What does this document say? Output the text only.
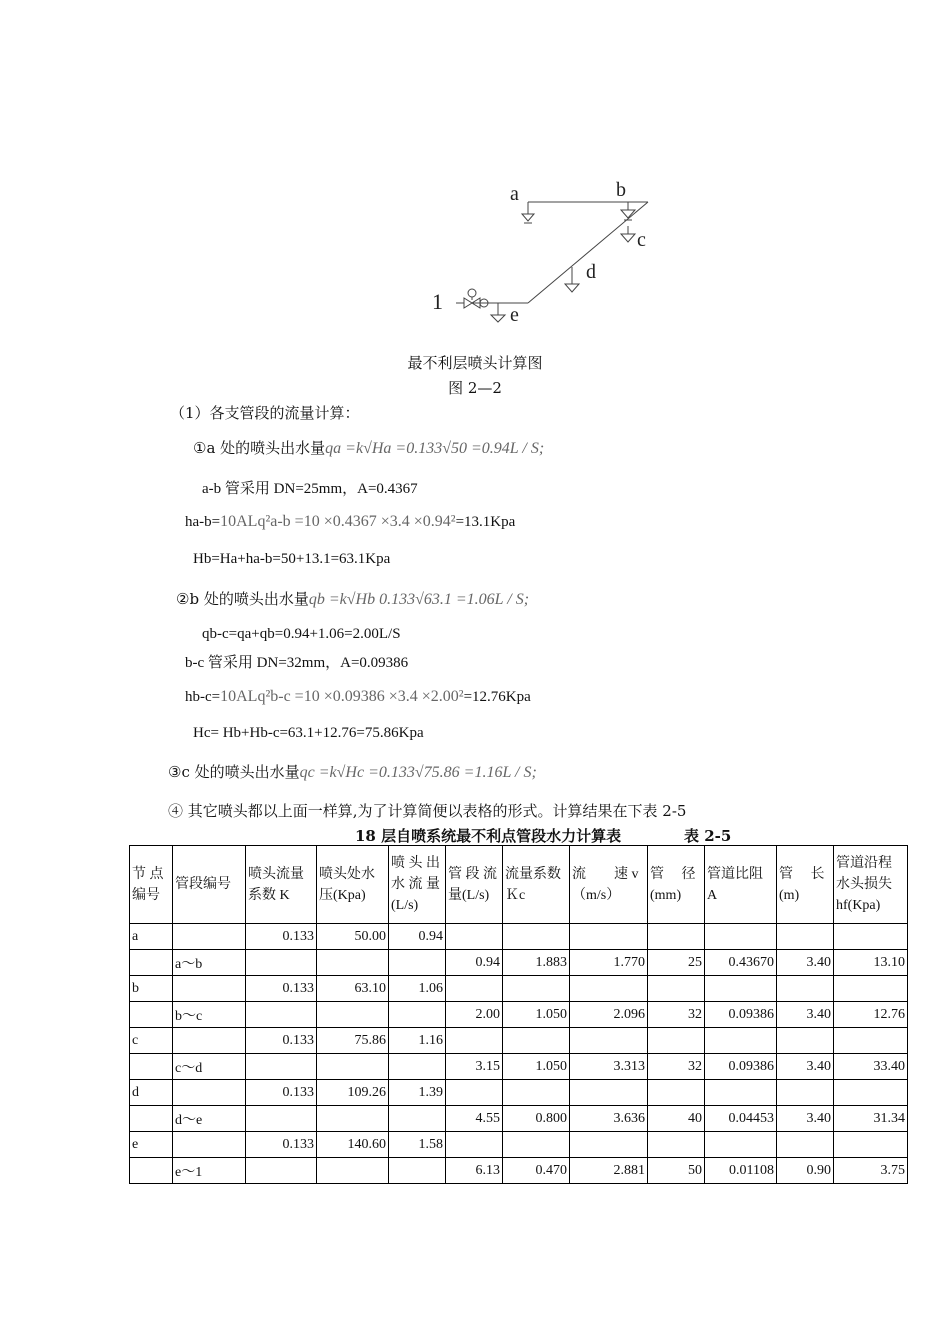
a	b
c
d
e
1
最不利层喷头计算图
图 2—2
（1）各支管段的流量计算：
①a 处的喷头出水量qa =k√Ha =0.133√50 =0.94L / S;
a-b 管采用 DN=25mm，A=0.4367
ha-b=10ALq²a-b =10 ×0.4367 ×3.4 ×0.94²=13.1Kpa
Hb=Ha+ha-b=50+13.1=63.1Kpa
②b 处的喷头出水量qb =k√Hb 0.133√63.1 =1.06L / S;
qb-c=qa+qb=0.94+1.06=2.00L/S
b-c 管采用 DN=32mm，A=0.09386
hb-c=10ALq²b-c =10 ×0.09386 ×3.4 ×2.00²=12.76Kpa
Hc= Hb+Hb-c=63.1+12.76=75.86Kpa
③c 处的喷头出水量qc =k√Hc =0.133√75.86 =1.16L / S;
④ 其它喷头都以上面一样算,为了计算简便以表格的形式。计算结果在下表 2-5
18 层自喷系统最不利点管段水力计算表	表 2-5
节 点 编号	管段编号	喷头流量系数 K	喷头处水压(Kpa)	喷 头 出 水 流 量 (L/s)	管 段 流 量(L/s)	流量系数Ｋc	流　　速 v（m/s）	管　 径 (mm)	管道比阻 A	管　 长 (m)	管道沿程水头损失 hf(Kpa)
a		0.133	50.00	0.94							
	a～b				0.94	1.883	1.770	25	0.43670	3.40	13.10
b		0.133	63.10	1.06							
	b～c				2.00	1.050	2.096	32	0.09386	3.40	12.76
c		0.133	75.86	1.16							
	c～d				3.15	1.050	3.313	32	0.09386	3.40	33.40
d		0.133	109.26	1.39							
	d～e				4.55	0.800	3.636	40	0.04453	3.40	31.34
e		0.133	140.60	1.58							
	e～1				6.13	0.470	2.881	50	0.01108	0.90	3.75
